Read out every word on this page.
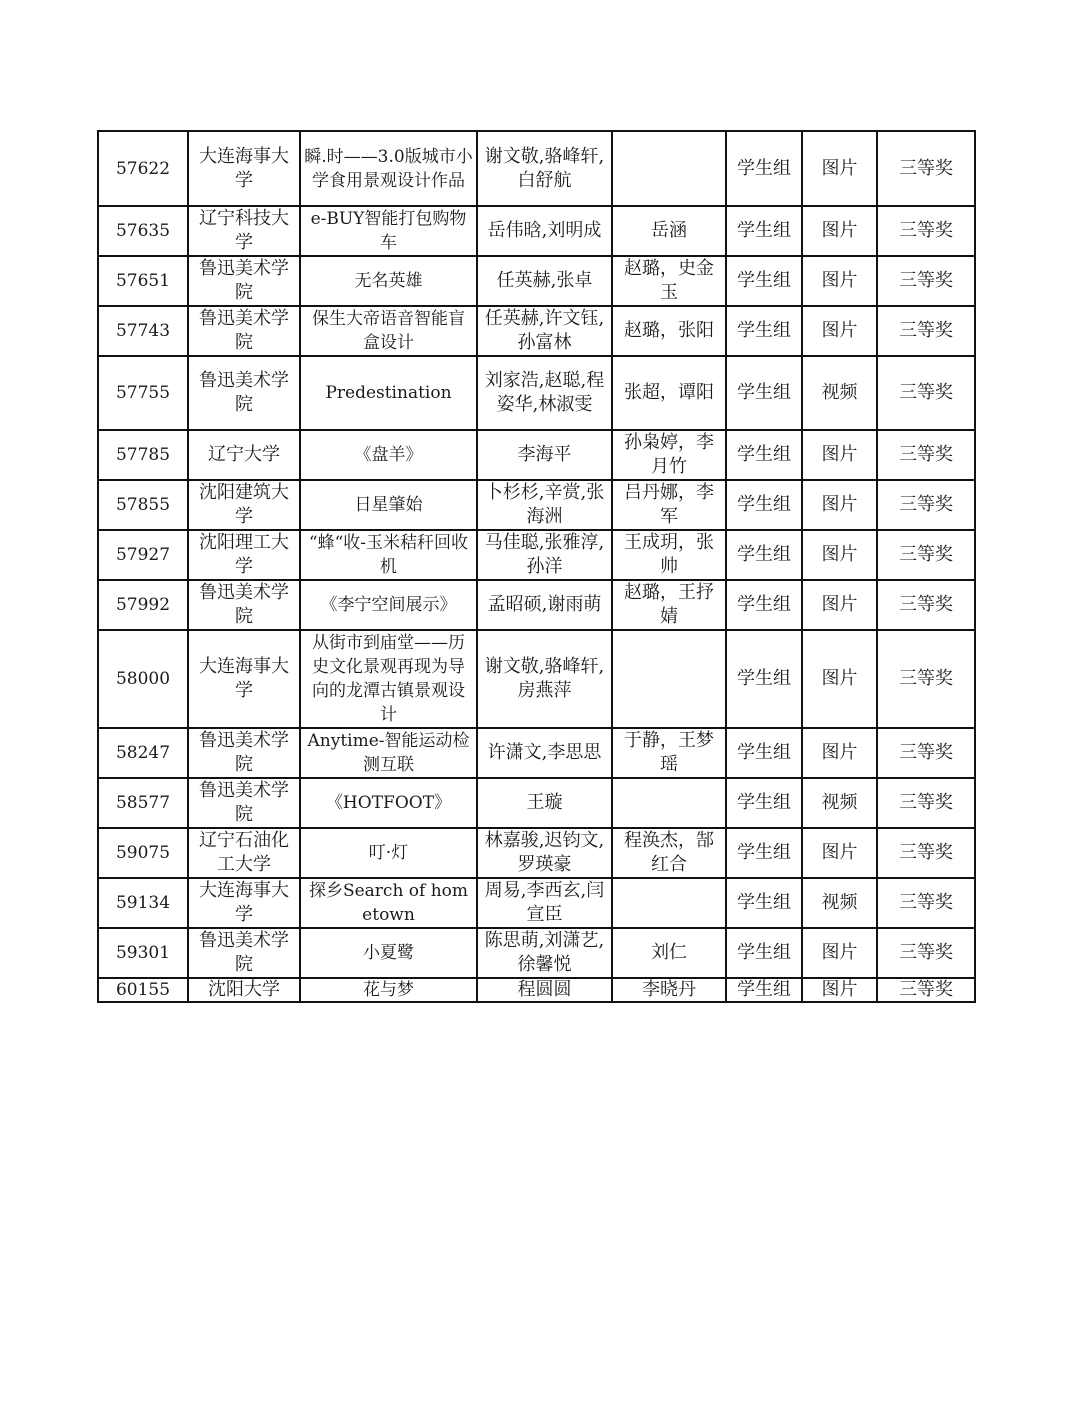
57622	大连海事大学	瞬.时——3.0版城市小学食用景观设计作品	谢文敬,骆峰轩,白舒航		学生组	图片	三等奖
57635	辽宁科技大学	e-BUY智能打包购物车	岳伟晗,刘明成	岳涵	学生组	图片	三等奖
57651	鲁迅美术学院	无名英雄	任英赫,张卓	赵璐，史金玉	学生组	图片	三等奖
57743	鲁迅美术学院	保生大帝语音智能盲盒设计	任英赫,许文钰,孙富林	赵璐，张阳	学生组	图片	三等奖
57755	鲁迅美术学院	Predestination	刘家浩,赵聪,程姿华,林淑雯	张超，谭阳	学生组	视频	三等奖
57785	辽宁大学	《盘羊》	李海平	孙枭婷，李月竹	学生组	图片	三等奖
57855	沈阳建筑大学	日星肇始	卜杉杉,辛赏,张海洲	吕丹娜，李军	学生组	图片	三等奖
57927	沈阳理工大学	“蜂“收-玉米秸秆回收机	马佳聪,张雅淳,孙洋	王成玥，张帅	学生组	图片	三等奖
57992	鲁迅美术学院	《李宁空间展示》	孟昭硕,谢雨萌	赵璐，王抒婧	学生组	图片	三等奖
58000	大连海事大学	从街市到庙堂——历史文化景观再现为导向的龙潭古镇景观设计	谢文敬,骆峰轩,房燕萍		学生组	图片	三等奖
58247	鲁迅美术学院	Anytime-智能运动检测互联	许潇文,李思思	于静，王梦瑶	学生组	图片	三等奖
58577	鲁迅美术学院	《HOTFOOT》	王璇		学生组	视频	三等奖
59075	辽宁石油化工大学	叮·灯	林嘉骏,迟钧文,罗瑛豪	程涣杰，郜红合	学生组	图片	三等奖
59134	大连海事大学	探乡Search of hometown	周易,李西玄,闫宣臣		学生组	视频	三等奖
59301	鲁迅美术学院	小夏鹭	陈思萌,刘潇艺,徐馨悦	刘仁	学生组	图片	三等奖
60155	沈阳大学	花与梦	程圆圆	李晓丹	学生组	图片	三等奖
